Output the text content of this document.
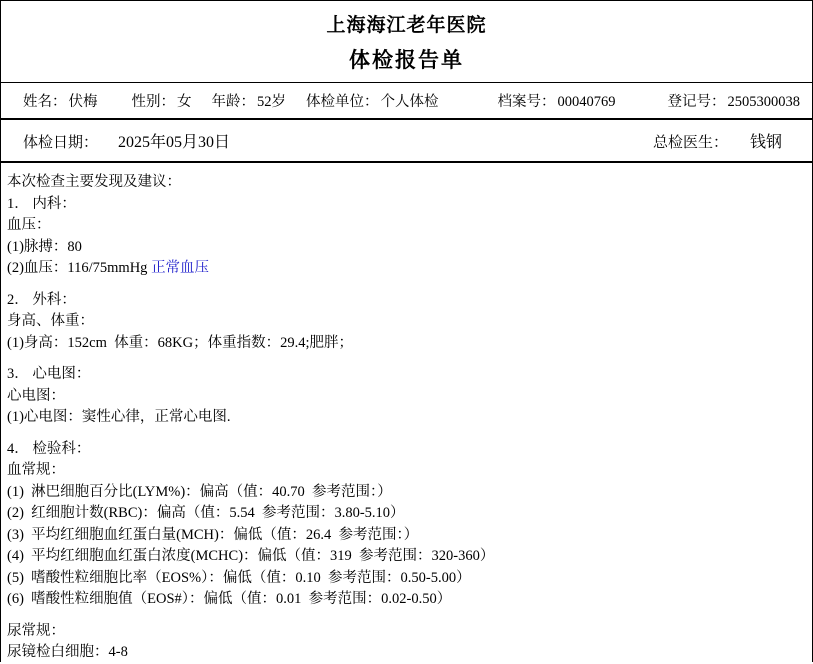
上海海江老年医院
体检报告单
姓名： 伏梅 性别： 女 年龄： 52岁 体检单位： 个人体检	档案号： 00040769	登记号： 2505300038
体检日期：	2025年05月30日	总检医生：	钱钢
本次检查主要发现及建议：
1． 内科：
血压：
(1)脉搏：80
(2)血压：116/75mmHg 正常血压
2． 外科：
身高、体重：
(1)身高：152cm  体重：68KG；体重指数：29.4;肥胖；
3． 心电图：
心电图：
(1)心电图：窦性心律，正常心电图.
4． 检验科：
血常规：
(1)  淋巴细胞百分比(LYM%)：偏高（值：40.70  参考范围：）
(2)  红细胞计数(RBC)：偏高（值：5.54  参考范围：3.80-5.10）
(3)  平均红细胞血红蛋白量(MCH)：偏低（值：26.4  参考范围：）
(4)  平均红细胞血红蛋白浓度(MCHC)：偏低（值：319  参考范围：320-360）
(5)  嗜酸性粒细胞比率（EOS%）：偏低（值：0.10  参考范围：0.50-5.00）
(6)  嗜酸性粒细胞值（EOS#）：偏低（值：0.01  参考范围：0.02-0.50）
尿常规：
尿镜检白细胞：4-8
